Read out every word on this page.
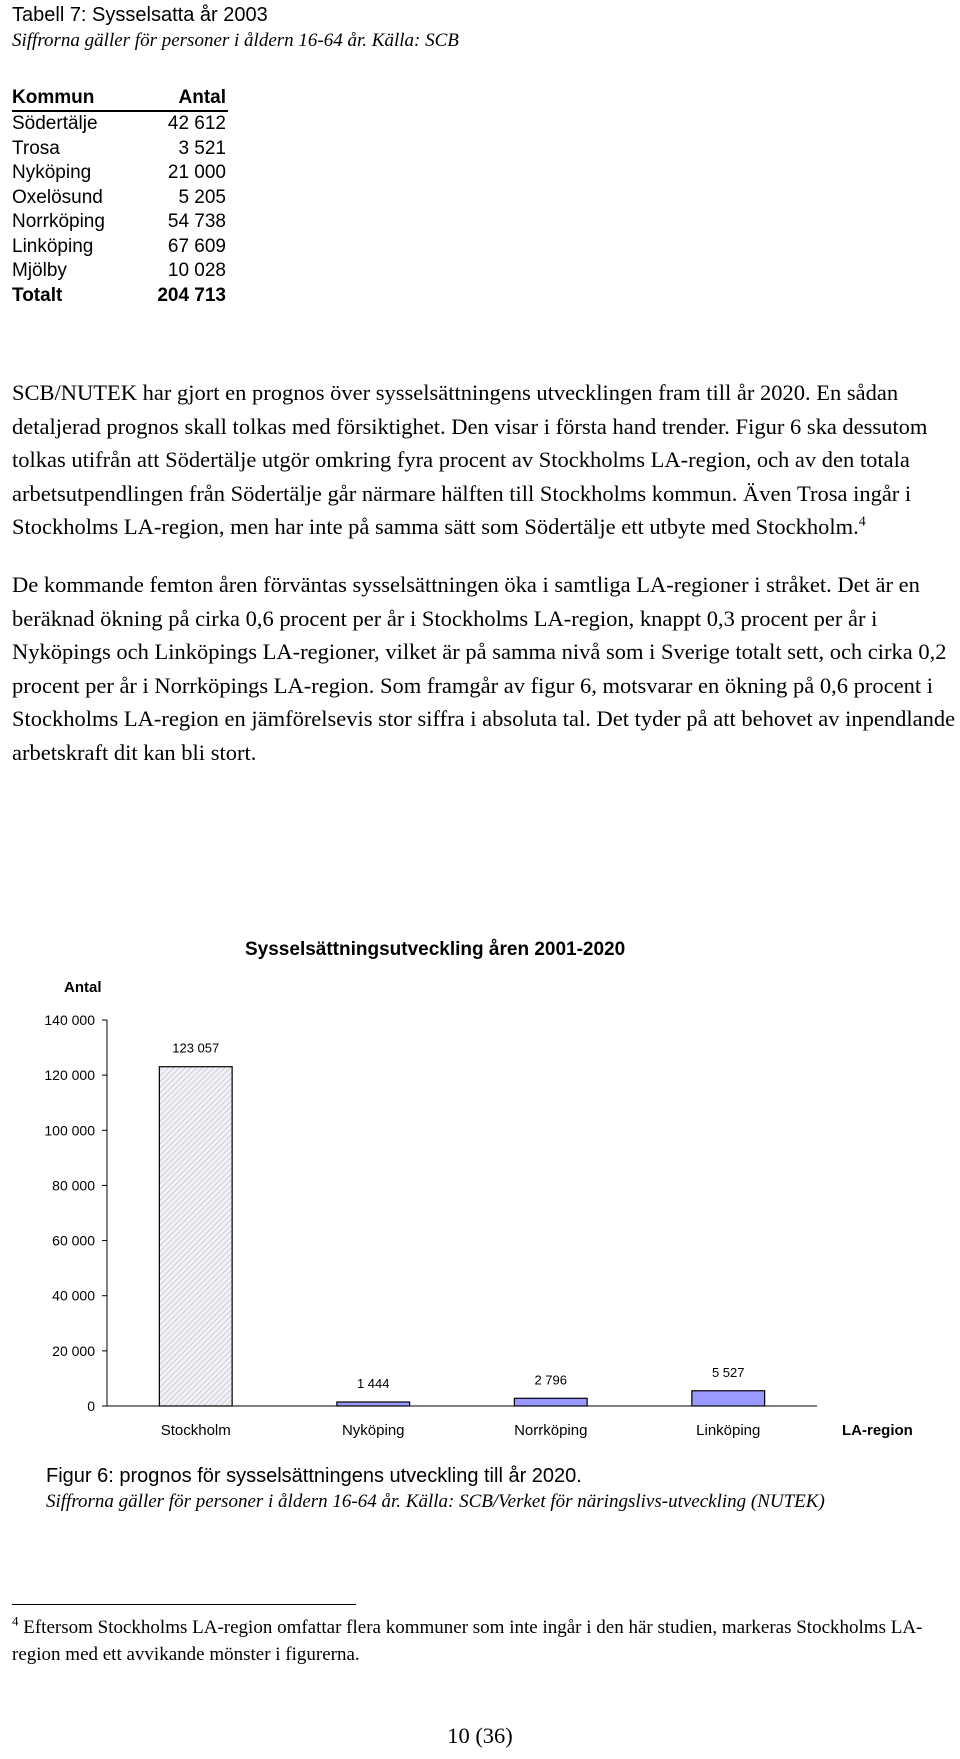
Tabell 7: Sysselsatta år 2003
Siffrorna gäller för personer i åldern 16-64 år. Källa: SCB
Kommun	Antal
Södertälje	42 612
Trosa	3 521
Nyköping	21 000
Oxelösund	5 205
Norrköping	54 738
Linköping	67 609
Mjölby	10 028
Totalt	204 713

SCB/NUTEK har gjort en prognos över sysselsättningens utvecklingen fram till år 2020. En sådan detaljerad prognos skall tolkas med försiktighet. Den visar i första hand trender. Figur 6 ska dessutom tolkas utifrån att Södertälje utgör omkring fyra procent av Stockholms LA-region, och av den totala arbetsutpendlingen från Södertälje går närmare hälften till Stockholms kommun. Även Trosa ingår i Stockholms LA-region, men har inte på samma sätt som Södertälje ett utbyte med Stockholm.$^4$

De kommande femton åren förväntas sysselsättningen öka i samtliga LA-regioner i stråket. Det är en beräknad ökning på cirka 0,6 procent per år i Stockholms LA-region, knappt 0,3 procent per år i Nyköpings och Linköpings LA-regioner, vilket är på samma nivå som i Sverige totalt sett, och cirka 0,2 procent per år i Norrköpings LA-region. Som framgår av figur 6, motsvarar en ökning på 0,6 procent i Stockholms LA-region en jämförelsevis stor siffra i absoluta tal. Det tyder på att behovet av inpendlande arbetskraft dit kan bli stort.

Sysselsättningsutveckling åren 2001-2020
Antal
LA-region
0
20 000
40 000
60 000
80 000
100 000
120 000
140 000
123 057
Stockholm
1 444
Nyköping
2 796
Norrköping
5 527
Linköping
Figur 6: prognos för sysselsättningens utveckling till år 2020.
Siffrorna gäller för personer i åldern 16-64 år. Källa: SCB/Verket för näringslivs-utveckling (NUTEK)
$^4$ Eftersom Stockholms LA-region omfattar flera kommuner som inte ingår i den här studien, markeras Stockholms LA-region med ett avvikande mönster i figurerna.
10 (36)
